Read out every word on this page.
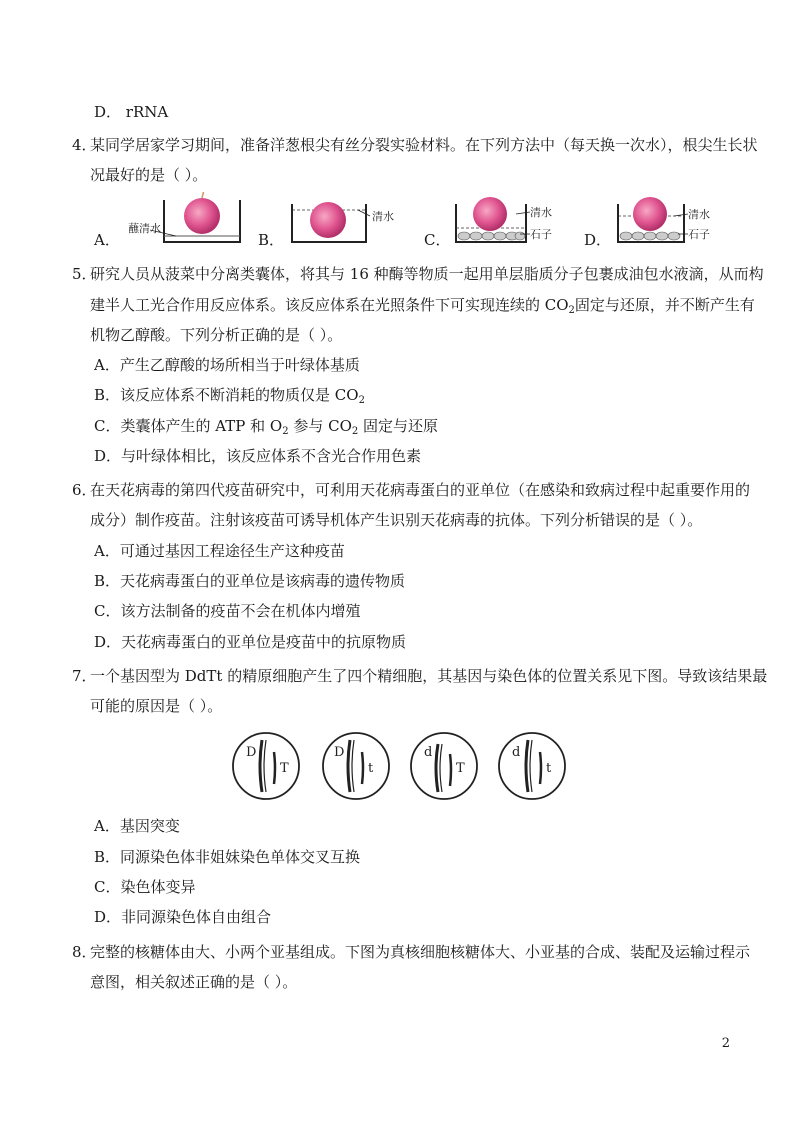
D． rRNA
4．某同学居家学习期间，准备洋葱根尖有丝分裂实验材料。在下列方法中（每天换一次水），根尖生长状
况最好的是（ ）。
A．
蘸清水
B．
清水
C．
清水
石子 D．
清水
石子
5．研究人员从菠菜中分离类囊体，将其与 16 种酶等物质一起用单层脂质分子包裹成油包水液滴，从而构
建半人工光合作用反应体系。该反应体系在光照条件下可实现连续的 $CO_2$固定与还原，并不断产生有
机物乙醇酸。下列分析正确的是（ ）。
A．产生乙醇酸的场所相当于叶绿体基质
B．该反应体系不断消耗的物质仅是 $CO_2$
C．类囊体产生的 ATP 和 $O_2$ 参与 $CO_2$ 固定与还原
D．与叶绿体相比，该反应体系不含光合作用色素
6．在天花病毒的第四代疫苗研究中，可利用天花病毒蛋白的亚单位（在感染和致病过程中起重要作用的
成分）制作疫苗。注射该疫苗可诱导机体产生识别天花病毒的抗体。下列分析错误的是（ ）。
A．可通过基因工程途径生产这种疫苗
B．天花病毒蛋白的亚单位是该病毒的遗传物质
C．该方法制备的疫苗不会在机体内增殖
D．天花病毒蛋白的亚单位是疫苗中的抗原物质
7．一个基因型为 DdTt 的精原细胞产生了四个精细胞，其基因与染色体的位置关系见下图。导致该结果最
可能的原因是（ ）。
D
T
D
t
d
T
d
t
A．基因突变
B．同源染色体非姐妹染色单体交叉互换
C．染色体变异
D．非同源染色体自由组合
8．完整的核糖体由大、小两个亚基组成。下图为真核细胞核糖体大、小亚基的合成、装配及运输过程示
意图，相关叙述正确的是（ ）。
2
